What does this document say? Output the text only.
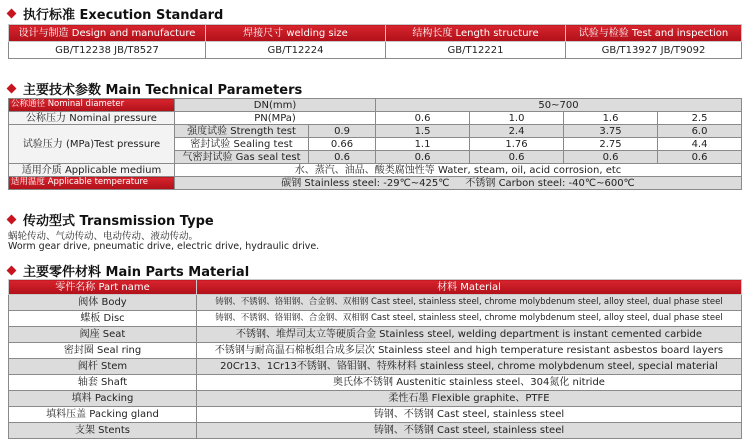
执行标准 Execution Standard
设计与制造 Design and manufacture	焊接尺寸 welding size	结构长度 Length structure	试验与检验 Test and inspection
GB/T12238 JB/T8527	GB/T12224	GB/T12221	GB/T13927 JB/T9092
主要技术参数 Main Technical Parameters
公称通径 Nominal diameter	DN(mm)		50~700			
公称压力 Nominal pressure	PN(MPa)		0.6	1.0	1.6	2.5
试验压力 (MPa)Test pressure	强度试验 Strength test	0.9	1.5	2.4	3.75	6.0
	密封试验 Sealing test	0.66	1.1	1.76	2.75	4.4
	气密封试验 Gas seal test	0.6	0.6	0.6	0.6	0.6
适用介质 Applicable medium	水、蒸汽、油品、酸类腐蚀性等 Water, steam, oil, acid corrosion, etc					
适用温度 Applicable temperature	碳钢 Stainless steel: -29℃~425℃     不锈钢 Carbon steel: -40℃~600℃					
传动型式 Transmission Type
蜗轮传动、气动传动、电动传动、液动传动。
Worm gear drive, pneumatic drive, electric drive, hydraulic drive.
主要零件材料 Main Parts Material
零件名称 Part name	材料 Material
阀体 Body	铸钢、不锈钢、铬钼钢、合金钢、双相钢 Cast steel, stainless steel, chrome molybdenum steel, alloy steel, dual phase steel
蝶板 Disc	铸钢、不锈钢、铬钼钢、合金钢、双相钢 Cast steel, stainless steel, chrome molybdenum steel, alloy steel, dual phase steel
阀座 Seat	不锈钢、堆焊司太立等硬质合金 Stainless steel, welding department is instant cemented carbide
密封圈 Seal ring	不锈钢与耐高温石棉板组合成多层次 Stainless steel and high temperature resistant asbestos board layers
阀杆 Stem	20Cr13、1Cr13不锈钢、铬钼钢、特殊材料 stainless steel, chrome molybdenum steel, special material
轴套 Shaft	奥氏体不锈钢 Austenitic stainless steel、304氮化 nitride
填料 Packing	柔性石墨 Flexible graphite、PTFE
填料压盖 Packing gland	铸钢、不锈钢 Cast steel, stainless steel
支架 Stents	铸钢、不锈钢 Cast steel, stainless steel
